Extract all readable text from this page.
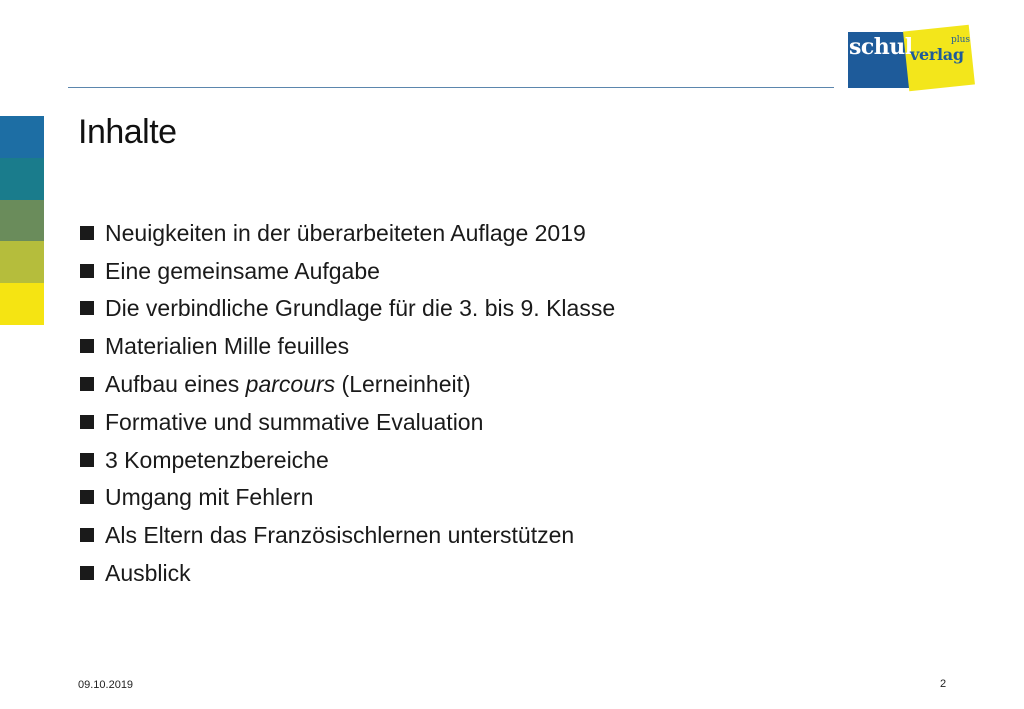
schul
verlag
plus
Inhalte
Neuigkeiten in der überarbeiteten Auflage 2019
Eine gemeinsame Aufgabe
Die verbindliche Grundlage für die 3. bis 9. Klasse
Materialien Mille feuilles
Aufbau eines parcours (Lerneinheit)
Formative und summative Evaluation
3 Kompetenzbereiche
Umgang mit Fehlern
Als Eltern das Französischlernen unterstützen
Ausblick
09.10.2019	2
